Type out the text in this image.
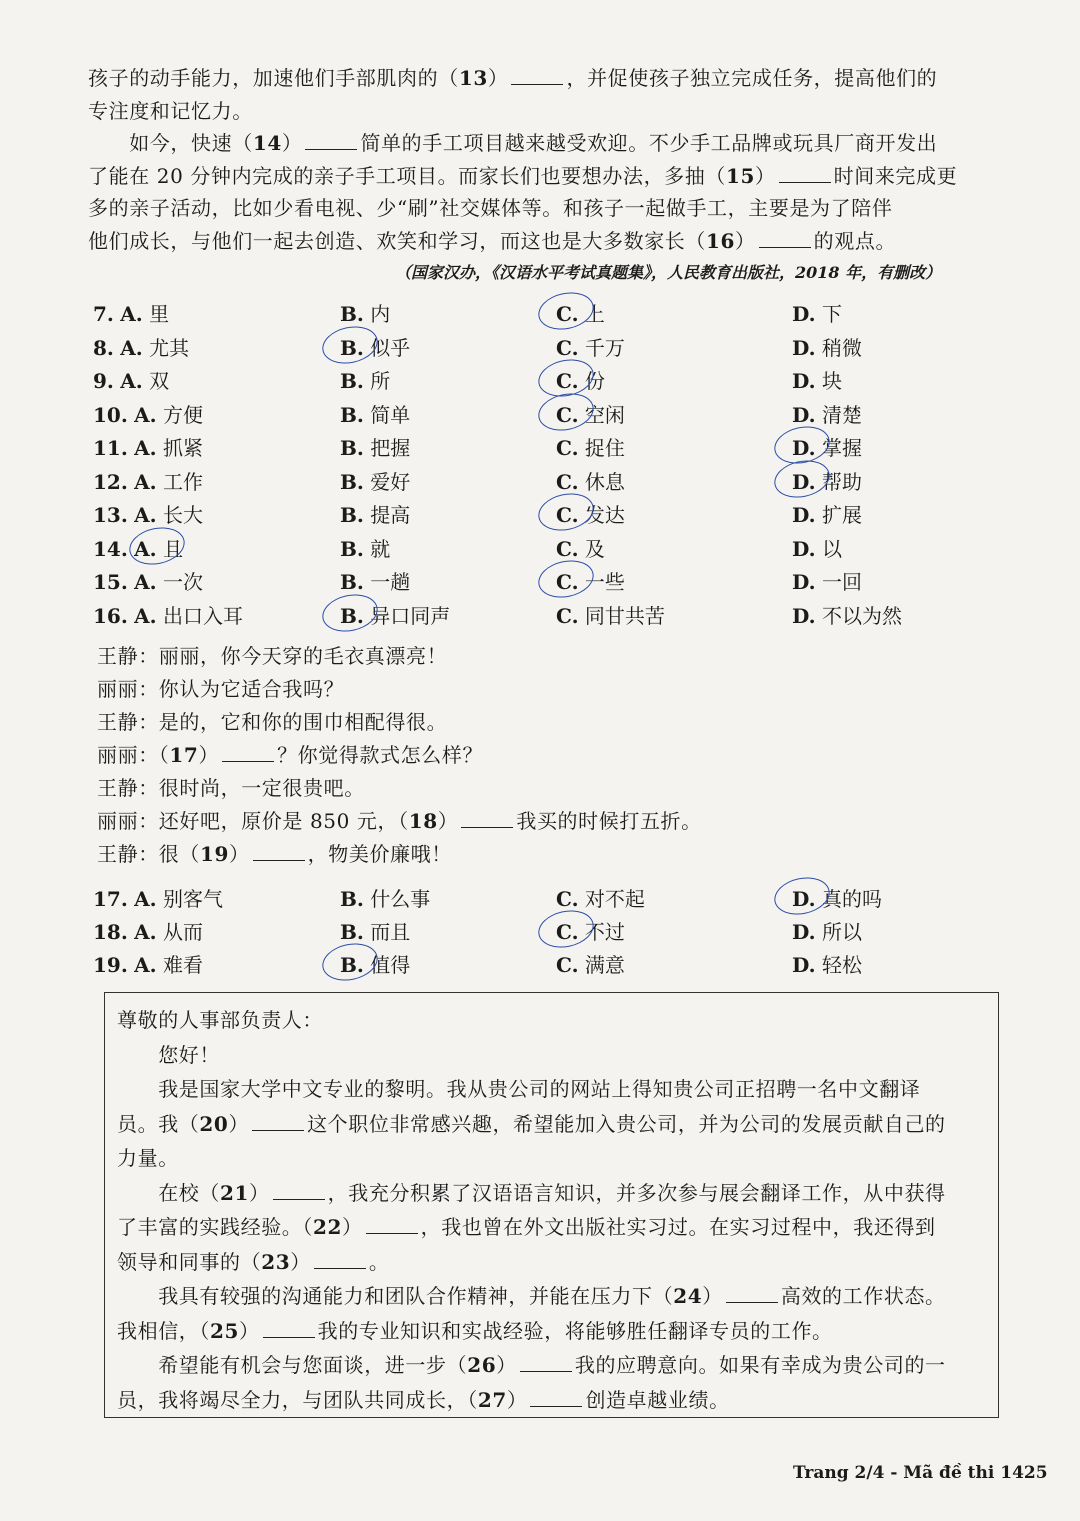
孩子的动手能力，加速他们手部肌肉的（13）	，并促使孩子独立完成任务，提高他们的
专注度和记忆力。
　　如今，快速（14）	简单的手工项目越来越受欢迎。不少手工品牌或玩具厂商开发出
了能在 20 分钟内完成的亲子手工项目。而家长们也要想办法，多抽（15）	时间来完成更
多的亲子活动，比如少看电视、少“刷”社交媒体等。和孩子一起做手工，主要是为了陪伴
他们成长，与他们一起去创造、欢笑和学习，而这也是大多数家长（16）	的观点。
（国家汉办，《汉语水平考试真题集》，人民教育出版社，2018 年，有删改）
7. A. 里	B. 内	C. 上	D. 下
8. A. 尤其	B. 似乎	C. 千万	D. 稍微
9. A. 双	B. 所	C. 份	D. 块
10. A. 方便	B. 简单	C. 空闲	D. 清楚
11. A. 抓紧	B. 把握	C. 捉住	D. 掌握
12. A. 工作	B. 爱好	C. 休息	D. 帮助
13. A. 长大	B. 提高	C. 发达	D. 扩展
14. A. 且	B. 就	C. 及	D. 以
15. A. 一次	B. 一趟	C. 一些	D. 一回
16. A. 出口入耳	B. 异口同声	C. 同甘共苦	D. 不以为然
王静：丽丽，你今天穿的毛衣真漂亮！
丽丽：你认为它适合我吗？
王静：是的，它和你的围巾相配得很。
丽丽：（17）	？你觉得款式怎么样？
王静：很时尚，一定很贵吧。
丽丽：还好吧，原价是 850 元，（18）	我买的时候打五折。
王静：很（19）	，物美价廉哦！
17. A. 别客气	B. 什么事	C. 对不起	D. 真的吗
18. A. 从而	B. 而且	C. 不过	D. 所以
19. A. 难看	B. 值得	C. 满意	D. 轻松
尊敬的人事部负责人：
　　您好！
　　我是国家大学中文专业的黎明。我从贵公司的网站上得知贵公司正招聘一名中文翻译
员。我（20）	这个职位非常感兴趣，希望能加入贵公司，并为公司的发展贡献自己的
力量。
　　在校（21）	，我充分积累了汉语语言知识，并多次参与展会翻译工作，从中获得
了丰富的实践经验。（22）	，我也曾在外文出版社实习过。在实习过程中，我还得到
领导和同事的（23）	。
　　我具有较强的沟通能力和团队合作精神，并能在压力下（24）	高效的工作状态。
我相信，（25）	我的专业知识和实战经验，将能够胜任翻译专员的工作。
　　希望能有机会与您面谈，进一步（26）	我的应聘意向。如果有幸成为贵公司的一
员，我将竭尽全力，与团队共同成长，（27）	创造卓越业绩。
Trang 2/4 - Mã đề thi 1425
